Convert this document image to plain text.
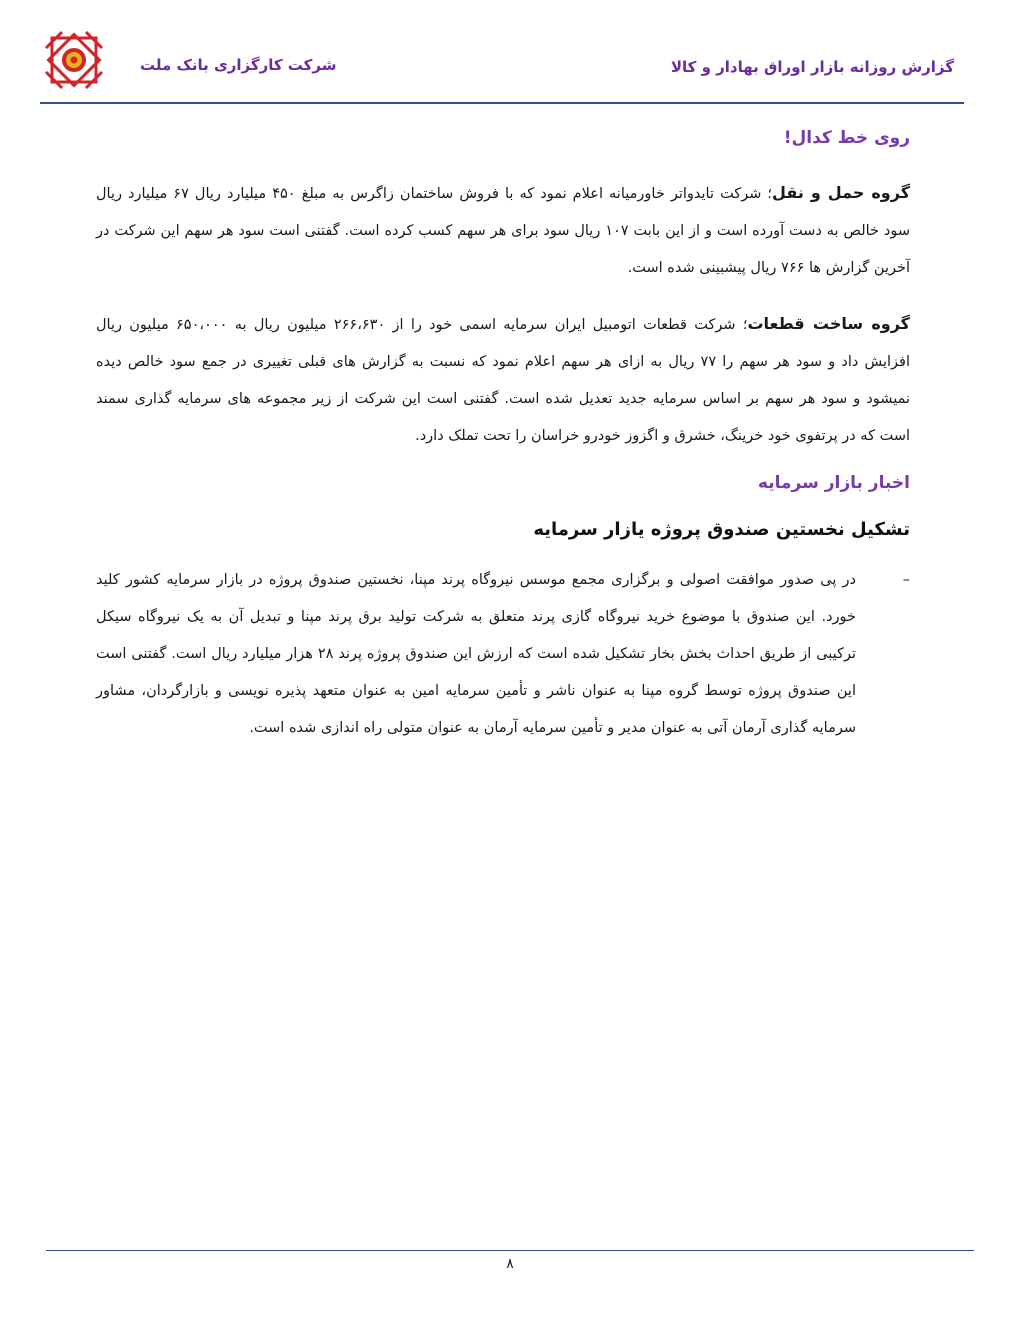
شرکت کارگزاری بانک ملت	گزارش روزانه بازار اوراق بهادار و کالا
روی خط کدال!

گروه حمل و نقل؛ شرکت تایدواتر خاورمیانه اعلام نمود که با فروش ساختمان زاگرس به مبلغ ۴۵۰ میلیارد ریال ۶۷ میلیارد ریال سود خالص به دست آورده است و از این بابت ۱۰۷ ریال سود برای هر سهم کسب کرده است. گفتنی است سود هر سهم این شرکت در آخرین گزارش ها ۷۶۶ ریال پیشبینی شده است.

گروه ساخت قطعات؛ شرکت قطعات اتومبیل ایران سرمایه اسمی خود را از ۲۶۶،۶۳۰ میلیون ریال به ۶۵۰،۰۰۰ میلیون ریال افزایش داد و سود هر سهم را ۷۷ ریال به ازای هر سهم اعلام نمود که نسبت به گزارش های قبلی تغییری در جمع سود خالص دیده نمیشود و سود هر سهم بر اساس سرمایه جدید تعدیل شده است. گفتنی است این شرکت از زیر مجموعه های سرمایه گذاری سمند است که در پرتفوی خود خرینگ، خشرق و اگزوز خودرو خراسان را تحت تملک دارد.

اخبار بازار سرمایه
تشکیل نخستین صندوق پروژه یازار سرمایه
–
در پی صدور موافقت اصولی و برگزاری مجمع موسس نیروگاه پرند مپنا، نخستین صندوق پروژه در بازار سرمایه کشور کلید خورد. این صندوق با موضوع خرید نیروگاه گازی پرند متعلق به شرکت تولید برق پرند مپنا و تبدیل آن به یک نیروگاه سیکل ترکیبی از طریق احداث بخش بخار تشکیل شده است که ارزش این صندوق پروژه پرند ۲۸ هزار میلیارد ریال است. گفتنی است این صندوق پروژه توسط گروه مپنا به عنوان ناشر و تأمین سرمایه امین به عنوان متعهد پذیره نویسی و بازارگردان، مشاور سرمایه گذاری آرمان آتی به عنوان مدیر و تأمین سرمایه آرمان به عنوان متولی راه اندازی شده است.
۸
